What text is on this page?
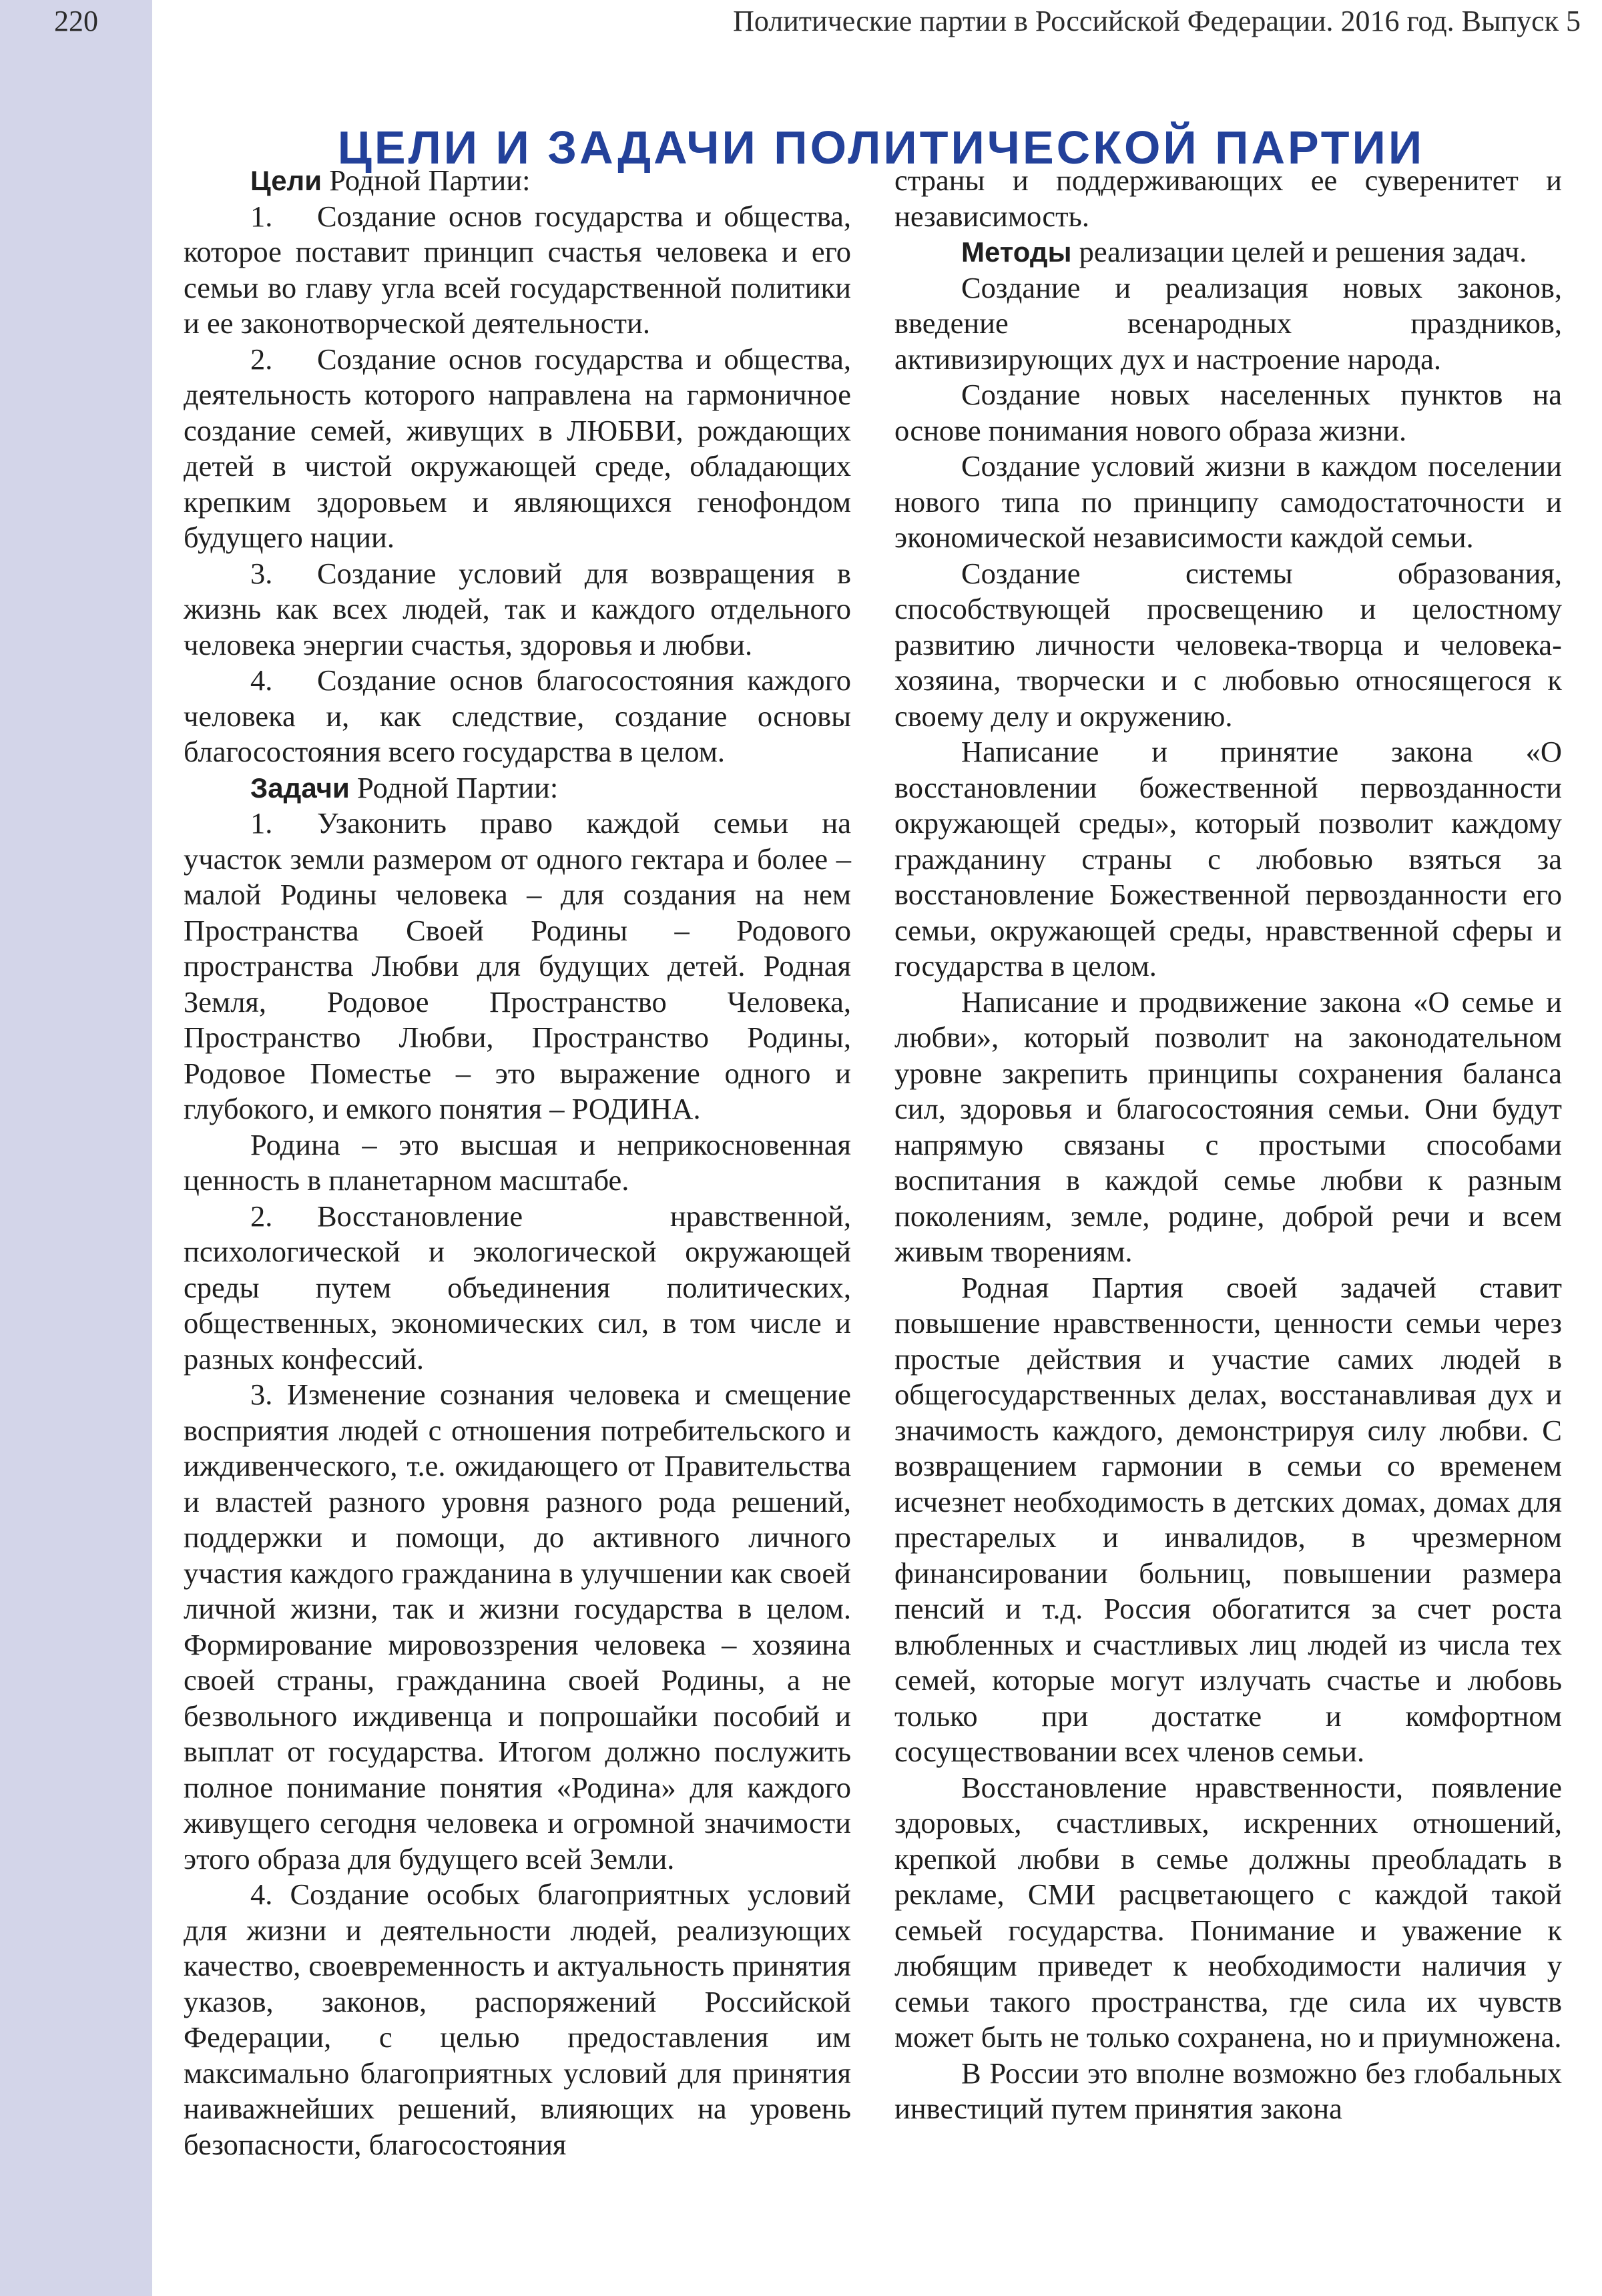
220	Политические партии в Российской Федерации. 2016 год. Выпуск 5
ЦЕЛИ И ЗАДАЧИ ПОЛИТИЧЕСКОЙ ПАРТИИ

Цели Родной Партии:

1. Создание основ государства и общества, которое поставит принцип счастья человека и его семьи во главу угла всей государственной политики и ее законотворческой деятельности.

2. Создание основ государства и общества, деятельность которого направлена на гармоничное создание семей, живущих в ЛЮБВИ, рождающих детей в чистой окружающей среде, обладающих крепким здоровьем и являющихся генофондом будущего нации.

3. Создание условий для возвращения в жизнь как всех людей, так и каждого отдельного человека энергии счастья, здоровья и любви.

4. Создание основ благосостояния каждого человека и, как следствие, создание основы благосостояния всего государства в целом.

Задачи Родной Партии:

1. Узаконить право каждой семьи на участок земли размером от одного гектара и более – малой Родины человека – для создания на нем Пространства Своей Родины – Родового пространства Любви для будущих детей. Родная Земля, Родовое Пространство Человека, Пространство Любви, Пространство Родины, Родовое Поместье – это выражение одного и глубокого, и емкого понятия – РОДИНА.

Родина – это высшая и неприкосновенная ценность в планетарном масштабе.

2. Восстановление нравственной, психологической и экологической окружающей среды путем объединения политических, общественных, экономических сил, в том числе и разных конфессий.

3. Изменение сознания человека и смещение восприятия людей с отношения потребительского и иждивенческого, т.е. ожидающего от Правительства и властей разного уровня разного рода решений, поддержки и помощи, до активного личного участия каждого гражданина в улучшении как своей личной жизни, так и жизни государства в целом. Формирование мировоззрения человека – хозяина своей страны, гражданина своей Родины, а не безвольного иждивенца и попрошайки пособий и выплат от государства. Итогом должно послужить полное понимание понятия «Родина» для каждого живущего сегодня человека и огромной значимости этого образа для будущего всей Земли.

4. Создание особых благоприятных условий для жизни и деятельности людей, реализующих качество, своевременность и актуальность принятия указов, законов, распоряжений Российской Федерации, с целью предоставления им максимально благоприятных условий для принятия наиважнейших решений, влияющих на уровень безопасности, благосостояния

страны и поддерживающих ее суверенитет и независимость.

Методы реализации целей и решения задач.

Создание и реализация новых законов, введение всенародных праздников, активизирующих дух и настроение народа.

Создание новых населенных пунктов на основе понимания нового образа жизни.

Создание условий жизни в каждом поселении нового типа по принципу самодостаточности и экономической независимости каждой семьи.

Создание системы образования, способствующей просвещению и целостному развитию личности человека-творца и человека-хозяина, творчески и с любовью относящегося к своему делу и окружению.

Написание и принятие закона «О восстановлении божественной первозданности окружающей среды», который позволит каждому гражданину страны с любовью взяться за восстановление Божественной первозданности его семьи, окружающей среды, нравственной сферы и государства в целом.

Написание и продвижение закона «О семье и любви», который позволит на законодательном уровне закрепить принципы сохранения баланса сил, здоровья и благосостояния семьи. Они будут напрямую связаны с простыми способами воспитания в каждой семье любви к разным поколениям, земле, родине, доброй речи и всем живым творениям.

Родная Партия своей задачей ставит повышение нравственности, ценности семьи через простые действия и участие самих людей в общегосударственных делах, восстанавливая дух и значимость каждого, демонстрируя силу любви. С возвращением гармонии в семьи со временем исчезнет необходимость в детских домах, домах для престарелых и инвалидов, в чрезмерном финансировании больниц, повышении размера пенсий и т.д. Россия обогатится за счет роста влюбленных и счастливых лиц людей из числа тех семей, которые могут излучать счастье и любовь только при достатке и комфортном сосуществовании всех членов семьи.

Восстановление нравственности, появление здоровых, счастливых, искренних отношений, крепкой любви в семье должны преобладать в рекламе, СМИ расцветающего с каждой такой семьей государства. Понимание и уважение к любящим приведет к необходимости наличия у семьи такого пространства, где сила их чувств может быть не только сохранена, но и приумножена.

В России это вполне возможно без глобальных инвестиций путем принятия закона
